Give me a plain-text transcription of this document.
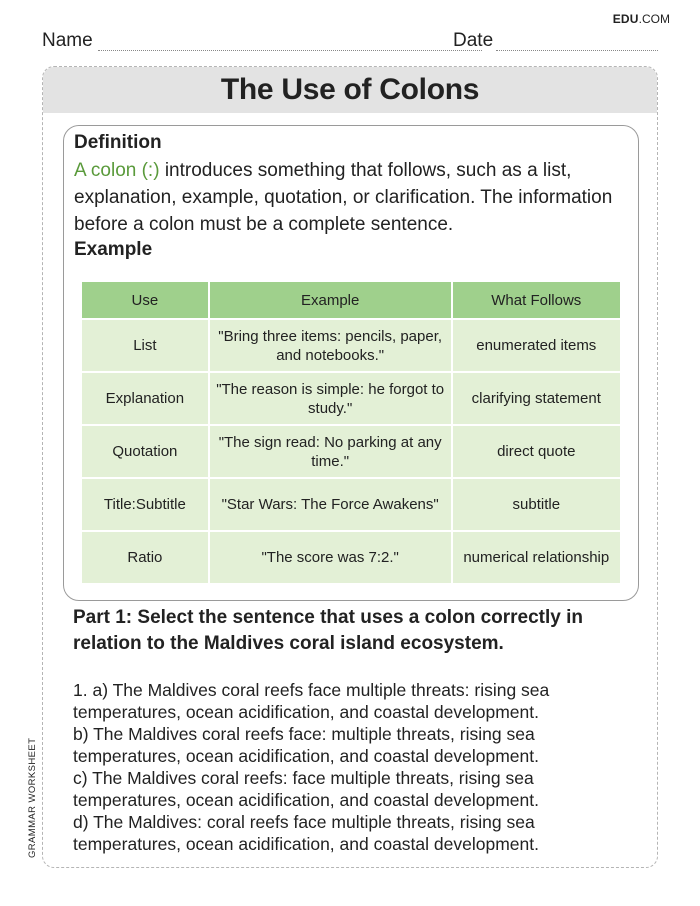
EDU.COM
Name	Date
The Use of Colons
Definition

A colon (:) introduces something that follows, such as a list, explanation, example, quotation, or clarification. The information before a colon must be a complete sentence.

Example
Use	Example	What Follows
List	"Bring three items: pencils, paper, and notebooks."	enumerated items
Explanation	"The reason is simple: he forgot to study."	clarifying statement
Quotation	"The sign read: No parking at any time."	direct quote
Title:Subtitle	"Star Wars: The Force Awakens"	subtitle
Ratio	"The score was 7:2."	numerical relationship
Part 1: Select the sentence that uses a colon correctly in relation to the Maldives coral island ecosystem.
1. a) The Maldives coral reefs face multiple threats: rising sea temperatures, ocean acidification, and coastal development.
b) The Maldives coral reefs face: multiple threats, rising sea temperatures, ocean acidification, and coastal development.
c) The Maldives coral reefs: face multiple threats, rising sea temperatures, ocean acidification, and coastal development.
d) The Maldives: coral reefs face multiple threats, rising sea temperatures, ocean acidification, and coastal development.
GRAMMAR WORKSHEET
